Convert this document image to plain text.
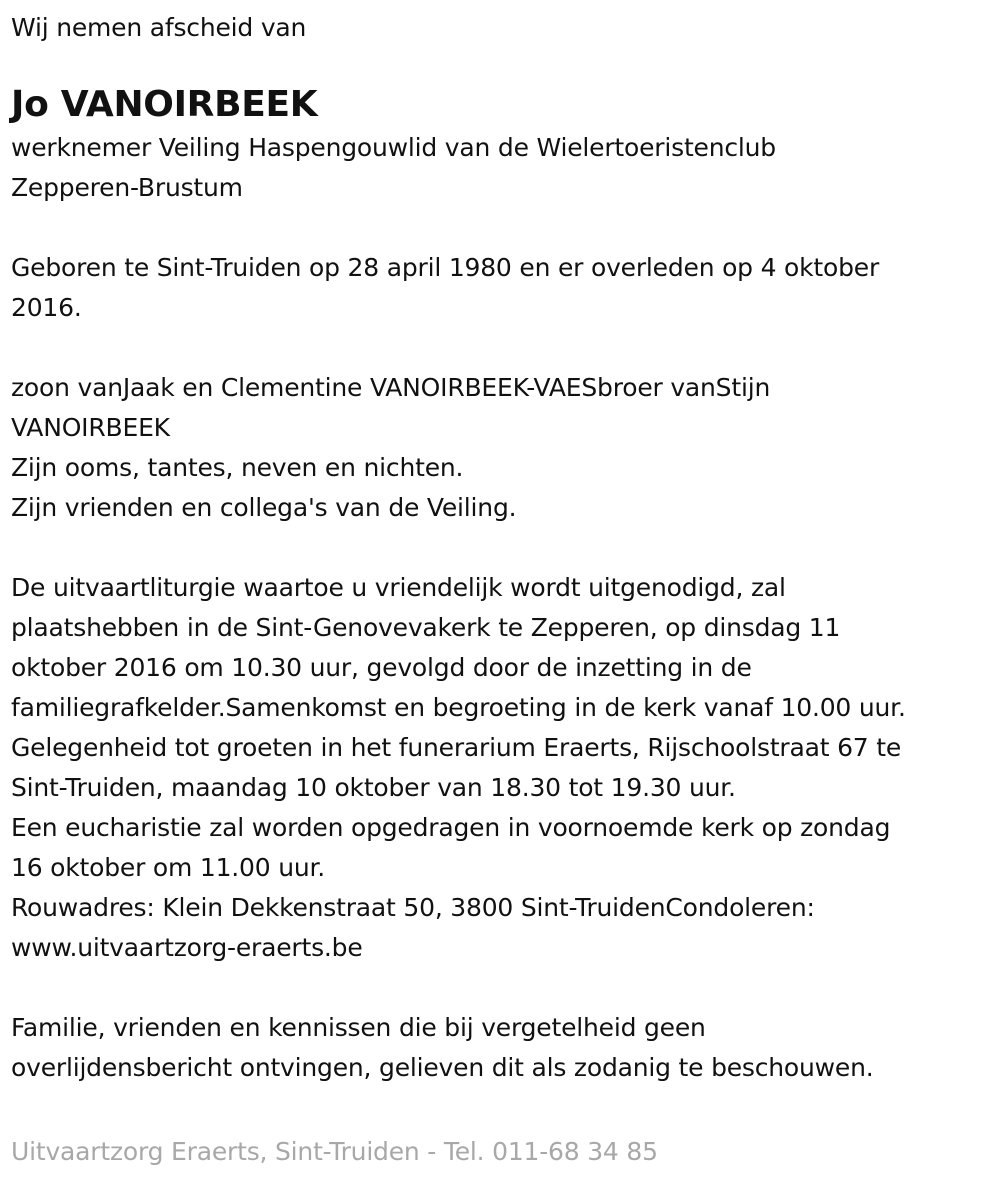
Wij nemen afscheid van

Jo VANOIRBEEK

werknemer Veiling Haspengouwlid van de Wielertoeristenclub

Zepperen-Brustum

Geboren te Sint-Truiden op 28 april 1980 en er overleden op 4 oktober

2016.

zoon vanJaak en Clementine VANOIRBEEK-VAESbroer vanStijn

VANOIRBEEK

Zijn ooms, tantes, neven en nichten.

Zijn vrienden en collega's van de Veiling.

De uitvaartliturgie waartoe u vriendelijk wordt uitgenodigd, zal

plaatshebben in de Sint-Genovevakerk te Zepperen, op dinsdag 11

oktober 2016 om 10.30 uur, gevolgd door de inzetting in de

familiegrafkelder.Samenkomst en begroeting in de kerk vanaf 10.00 uur.

Gelegenheid tot groeten in het funerarium Eraerts, Rijschoolstraat 67 te

Sint-Truiden, maandag 10 oktober van 18.30 tot 19.30 uur.

Een eucharistie zal worden opgedragen in voornoemde kerk op zondag

16 oktober om 11.00 uur.

Rouwadres: Klein Dekkenstraat 50, 3800 Sint-TruidenCondoleren:

www.uitvaartzorg-eraerts.be

Familie, vrienden en kennissen die bij vergetelheid geen

overlijdensbericht ontvingen, gelieven dit als zodanig te beschouwen.

Uitvaartzorg Eraerts, Sint-Truiden - Tel. 011-68 34 85
